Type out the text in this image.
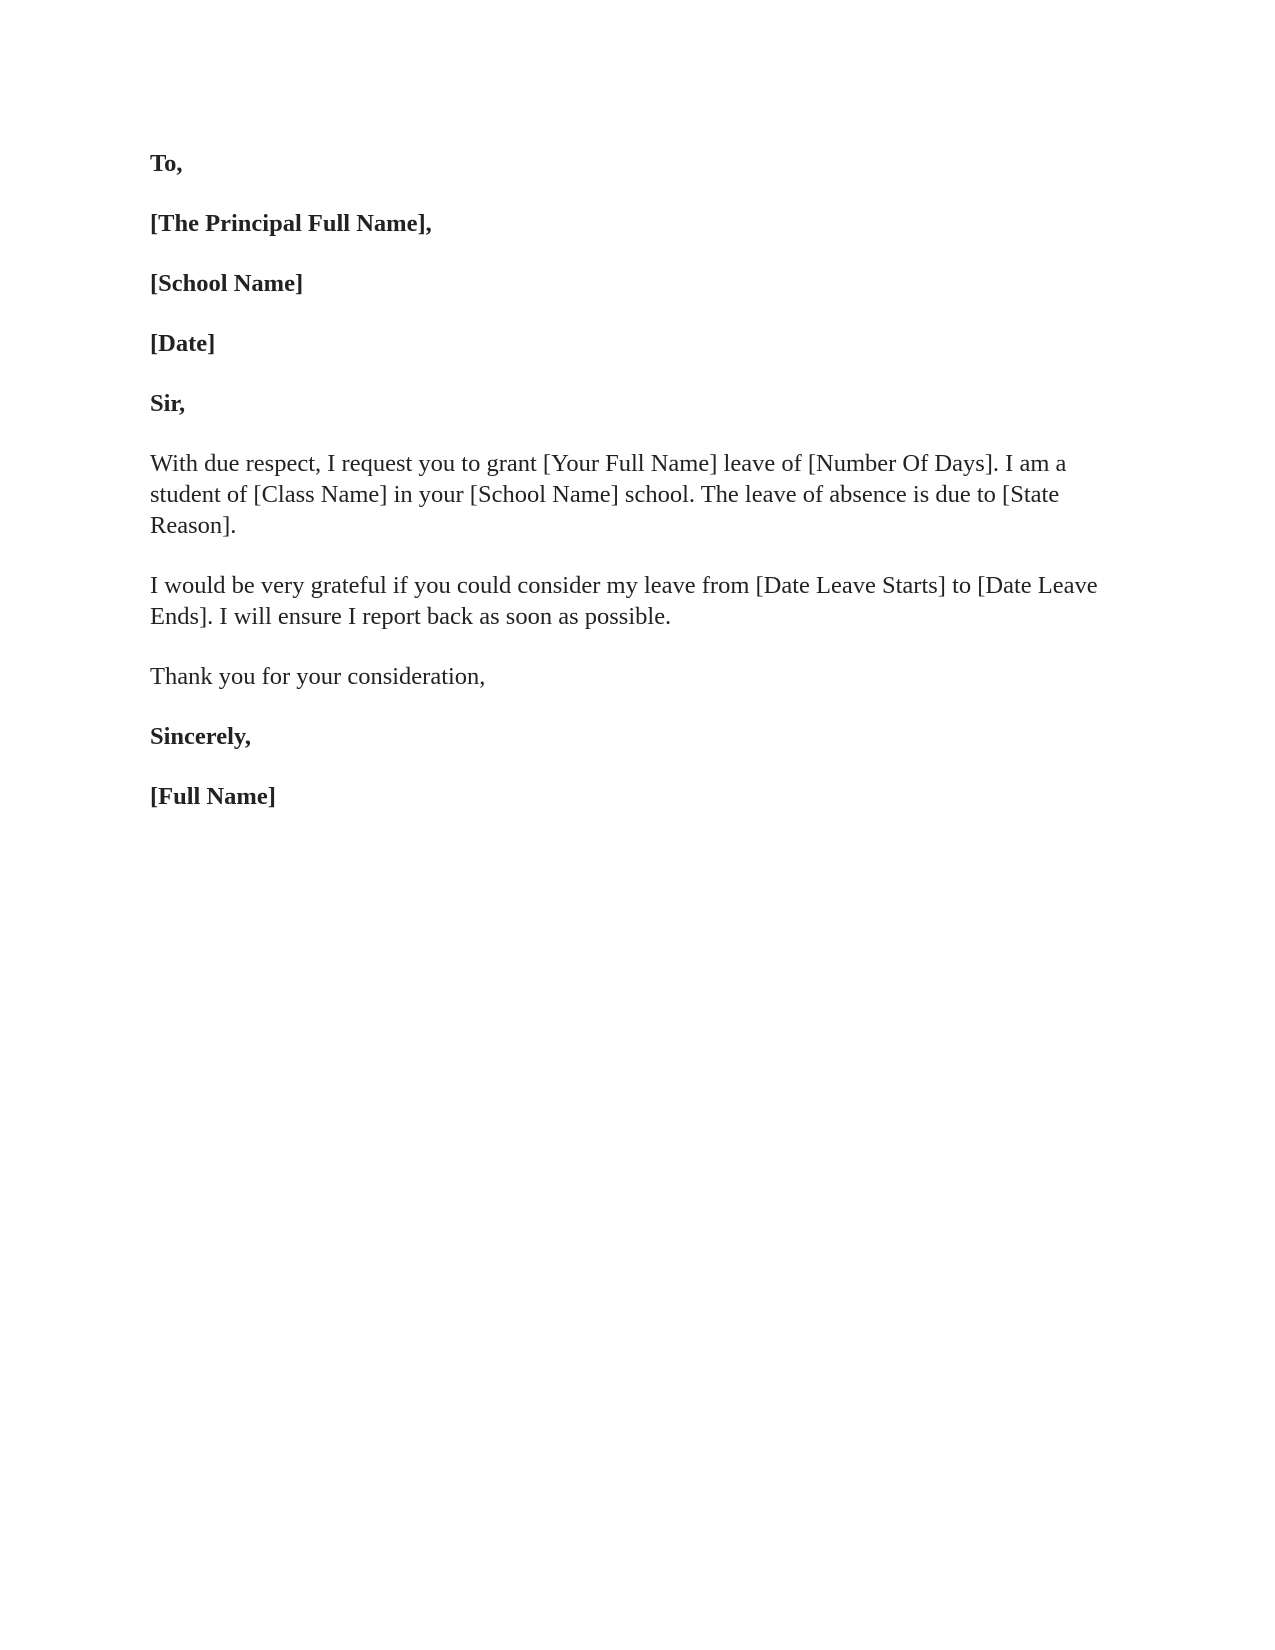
To,
[The Principal Full Name],
[School Name]
[Date]
Sir,
With due respect, I request you to grant [Your Full Name] leave of [Number Of Days]. I am a student of [Class Name] in your [School Name] school. The leave of absence is due to [State Reason].
I would be very grateful if you could consider my leave from [Date Leave Starts] to [Date Leave Ends]. I will ensure I report back as soon as possible.
Thank you for your consideration,
Sincerely,
[Full Name]
